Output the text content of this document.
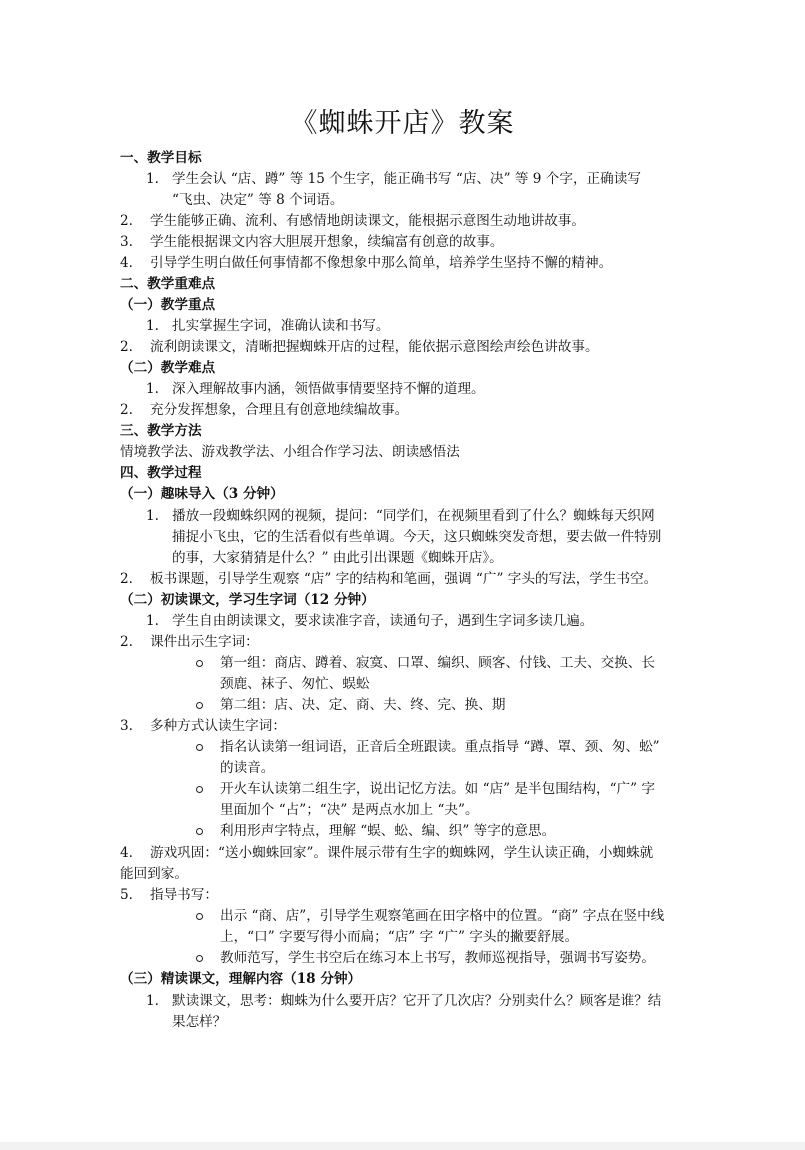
《蜘蛛开店》教案
一、教学目标
1. 学生会认 “店、蹲” 等 15 个生字，能正确书写 “店、决” 等 9 个字，正确读写
“飞虫、决定” 等 8 个词语。
2. 学生能够正确、流利、有感情地朗读课文，能根据示意图生动地讲故事。
3. 学生能根据课文内容大胆展开想象，续编富有创意的故事。
4. 引导学生明白做任何事情都不像想象中那么简单，培养学生坚持不懈的精神。
二、教学重难点
（一）教学重点
1. 扎实掌握生字词，准确认读和书写。
2. 流利朗读课文，清晰把握蜘蛛开店的过程，能依据示意图绘声绘色讲故事。
（二）教学难点
1. 深入理解故事内涵，领悟做事情要坚持不懈的道理。
2. 充分发挥想象，合理且有创意地续编故事。
三、教学方法
情境教学法、游戏教学法、小组合作学习法、朗读感悟法
四、教学过程
（一）趣味导入（3 分钟）
1. 播放一段蜘蛛织网的视频，提问：“同学们，在视频里看到了什么？蜘蛛每天织网
捕捉小飞虫，它的生活看似有些单调。今天，这只蜘蛛突发奇想，要去做一件特别
的事，大家猜猜是什么？” 由此引出课题《蜘蛛开店》。
2. 板书课题，引导学生观察 “店” 字的结构和笔画，强调 “广” 字头的写法，学生书空。
（二）初读课文，学习生字词（12 分钟）
1. 学生自由朗读课文，要求读准字音，读通句子，遇到生字词多读几遍。
2. 课件出示生字词：
第一组：商店、蹲着、寂寞、口罩、编织、顾客、付钱、工夫、交换、长
颈鹿、袜子、匆忙、蜈蚣
第二组：店、决、定、商、夫、终、完、换、期
3. 多种方式认读生字词：
指名认读第一组词语，正音后全班跟读。重点指导 “蹲、罩、颈、匆、蚣”
的读音。
开火车认读第二组生字，说出记忆方法。如 “店” 是半包围结构，“广” 字
里面加个 “占”；“决” 是两点水加上 “夬”。
利用形声字特点，理解 “蜈、蚣、编、织” 等字的意思。
4. 游戏巩固：“送小蜘蛛回家”。课件展示带有生字的蜘蛛网，学生认读正确，小蜘蛛就
能回到家。
5. 指导书写：
出示 “商、店”，引导学生观察笔画在田字格中的位置。“商” 字点在竖中线
上，“口” 字要写得小而扁；“店” 字 “广” 字头的撇要舒展。
教师范写，学生书空后在练习本上书写，教师巡视指导，强调书写姿势。
（三）精读课文，理解内容（18 分钟）
1. 默读课文，思考：蜘蛛为什么要开店？它开了几次店？分别卖什么？顾客是谁？结
果怎样？
